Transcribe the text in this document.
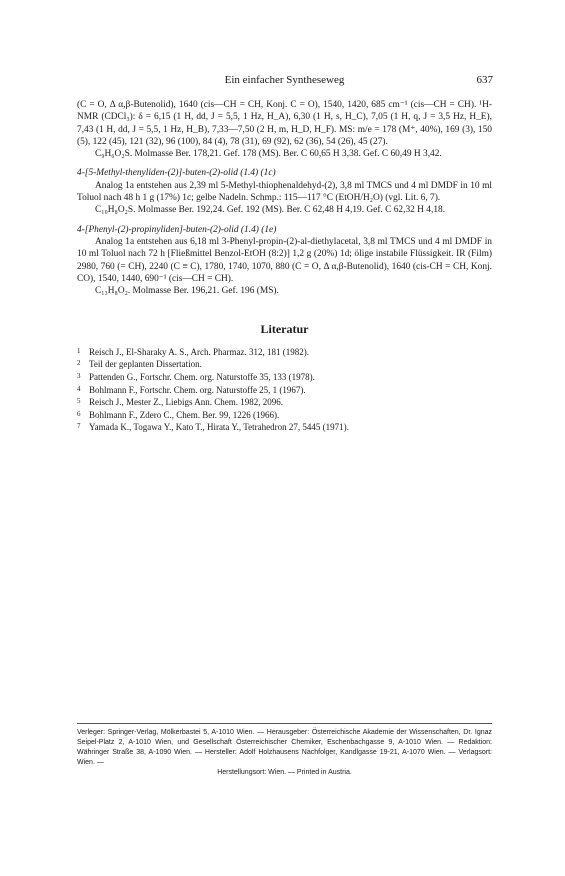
Ein einfacher Syntheseweg	637

(C = O, Δ α,β-Butenolid), 1640 (cis—CH = CH, Konj. C = O), 1540, 1420, 685 cm⁻¹ (cis—CH = CH). ¹H-NMR (CDCl₃): δ = 6,15 (1 H, dd, J = 5,5, 1 Hz, H_A), 6,30 (1 H, s, H_C), 7,05 (1 H, q, J = 3,5 Hz, H_E), 7,43 (1 H, dd, J = 5,5, 1 Hz, H_B), 7,33—7,50 (2 H, m, H_D, H_F). MS: m/e = 178 (M⁺, 40%), 169 (3), 150 (5), 122 (45), 121 (32), 96 (100), 84 (4), 78 (31), 69 (92), 62 (36), 54 (26), 45 (27).

C₉H₆O₂S. Molmasse Ber. 178,21. Gef. 178 (MS). Ber. C 60,65 H 3,38. Gef. C 60,49 H 3,42.

4-[5-Methyl-thenyliden-(2)]-buten-(2)-olid (1.4) (1c)

Analog 1a entstehen aus 2,39 ml 5-Methyl-thiophenaldehyd-(2), 3,8 ml TMCS und 4 ml DMDF in 10 ml Toluol nach 48 h 1 g (17%) 1c; gelbe Nadeln. Schmp.: 115—117 °C (EtOH/H₂O) (vgl. Lit. 6, 7).

C₁₀H₈O₂S. Molmasse Ber. 192,24. Gef. 192 (MS). Ber. C 62,48 H 4,19. Gef. C 62,32 H 4,18.

4-[Phenyl-(2)-propinyliden]-buten-(2)-olid (1.4) (1e)

Analog 1a entstehen aus 6,18 ml 3-Phenyl-propin-(2)-al-diethylacetal, 3,8 ml TMCS und 4 ml DMDF in 10 ml Toluol nach 72 h [Fließmittel Benzol-EtOH (8:2)] 1,2 g (20%) 1d; ölige instabile Flüssigkeit. IR (Film) 2980, 760 (= CH), 2240 (C ≡ C), 1780, 1740, 1070, 880 (C = O, Δ α,β-Butenolid), 1640 (cis-CH = CH, Konj. CO), 1540, 1440, 690⁻¹ (cis—CH = CH).

C₁₃H₈O₂. Molmasse Ber. 196,21. Gef. 196 (MS).

Literatur

1 Reisch J., El-Sharaky A. S., Arch. Pharmaz. 312, 181 (1982).

2 Teil der geplanten Dissertation.

3 Pattenden G., Fortschr. Chem. org. Naturstoffe 35, 133 (1978).

4 Bohlmann F., Fortschr. Chem. org. Naturstoffe 25, 1 (1967).

5 Reisch J., Mester Z., Liebigs Ann. Chem. 1982, 2096.

6 Bohlmann F., Zdero C., Chem. Ber. 99, 1226 (1966).

7 Yamada K., Togawa Y., Kato T., Hirata Y., Tetrahedron 27, 5445 (1971).

Verleger: Springer-Verlag, Mölkerbastei 5, A-1010 Wien. — Herausgeber: Österreichische Akademie der Wissenschaften, Dr. Ignaz Seipel-Platz 2, A-1010 Wien, und Gesellschaft Österreichischer Chemiker, Eschenbachgasse 9, A-1010 Wien. — Redaktion: Währinger Straße 38, A-1090 Wien. — Hersteller: Adolf Holzhausens Nachfolger, Kandlgasse 19-21, A-1070 Wien. — Verlagsort: Wien. —
Herstellungsort: Wien. — Printed in Austria.
